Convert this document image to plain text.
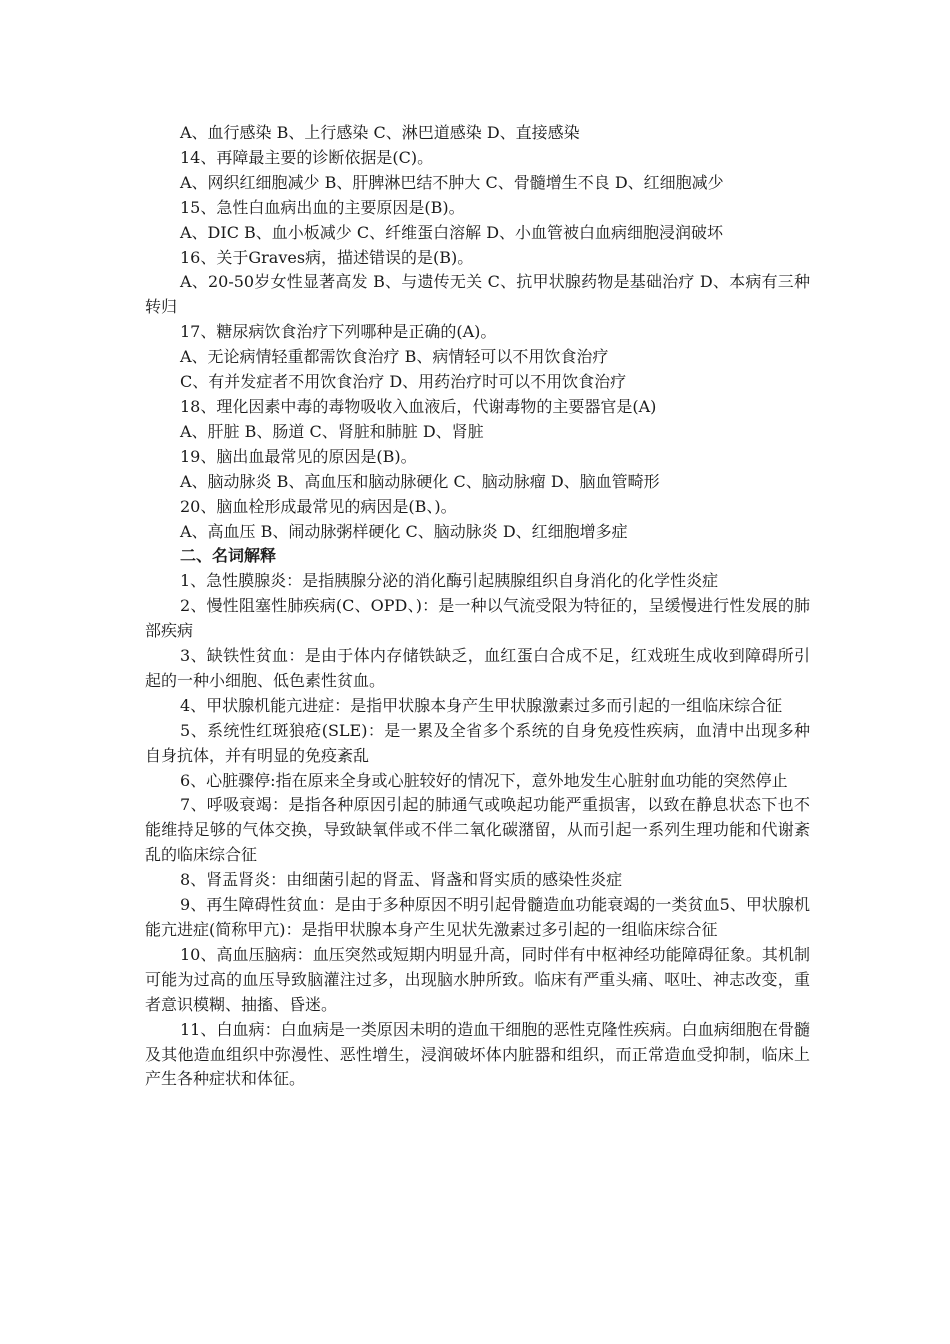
A、血行感染 B、上行感染 C、淋巴道感染 D、直接感染

14、再障最主要的诊断依据是(C)。

A、网织红细胞减少 B、肝脾淋巴结不肿大 C、骨髓增生不良 D、红细胞减少

15、急性白血病出血的主要原因是(B)。

A、DIC B、血小板减少 C、纤维蛋白溶解 D、小血管被白血病细胞浸润破坏

16、关于Graves病，描述错误的是(B)。

A、20-50岁女性显著高发 B、与遗传无关 C、抗甲状腺药物是基础治疗 D、本病有三种转归

17、糖尿病饮食治疗下列哪种是正确的(A)。

A、无论病情轻重都需饮食治疗 B、病情轻可以不用饮食治疗

C、有并发症者不用饮食治疗 D、用药治疗时可以不用饮食治疗

18、理化因素中毒的毒物吸收入血液后，代谢毒物的主要器官是(A)

A、肝脏 B、肠道 C、肾脏和肺脏 D、肾脏

19、脑出血最常见的原因是(B)。

A、脑动脉炎 B、高血压和脑动脉硬化 C、脑动脉瘤 D、脑血管畸形

20、脑血栓形成最常见的病因是(B、)。

A、高血压 B、闹动脉粥样硬化 C、脑动脉炎 D、红细胞增多症

二、名词解释

1、急性膜腺炎：是指胰腺分泌的消化酶引起胰腺组织自身消化的化学性炎症

2、慢性阻塞性肺疾病(C、OPD、)：是一种以气流受限为特征的，呈缓慢进行性发展的肺部疾病

3、缺铁性贫血：是由于体内存储铁缺乏，血红蛋白合成不足，红戏班生成收到障碍所引起的一种小细胞、低色素性贫血。

4、甲状腺机能亢进症：是指甲状腺本身产生甲状腺激素过多而引起的一组临床综合征

5、系统性红斑狼疮(SLE)：是一累及全省多个系统的自身免疫性疾病，血清中出现多种自身抗体，并有明显的免疫紊乱

6、心脏骤停:指在原来全身或心脏较好的情况下，意外地发生心脏射血功能的突然停止

7、呼吸衰竭：是指各种原因引起的肺通气或唤起功能严重损害，以致在静息状态下也不能维持足够的气体交换，导致缺氧伴或不伴二氧化碳潴留，从而引起一系列生理功能和代谢紊乱的临床综合征

8、肾盂肾炎：由细菌引起的肾盂、肾盏和肾实质的感染性炎症

9、再生障碍性贫血：是由于多种原因不明引起骨髓造血功能衰竭的一类贫血5、甲状腺机能亢进症(简称甲亢)：是指甲状腺本身产生见状先激素过多引起的一组临床综合征

10、高血压脑病：血压突然或短期内明显升高，同时伴有中枢神经功能障碍征象。其机制可能为过高的血压导致脑灌注过多，出现脑水肿所致。临床有严重头痛、呕吐、神志改变，重者意识模糊、抽搐、昏迷。

11、白血病：白血病是一类原因未明的造血干细胞的恶性克隆性疾病。白血病细胞在骨髓及其他造血组织中弥漫性、恶性增生，浸润破坏体内脏器和组织，而正常造血受抑制，临床上产生各种症状和体征。
